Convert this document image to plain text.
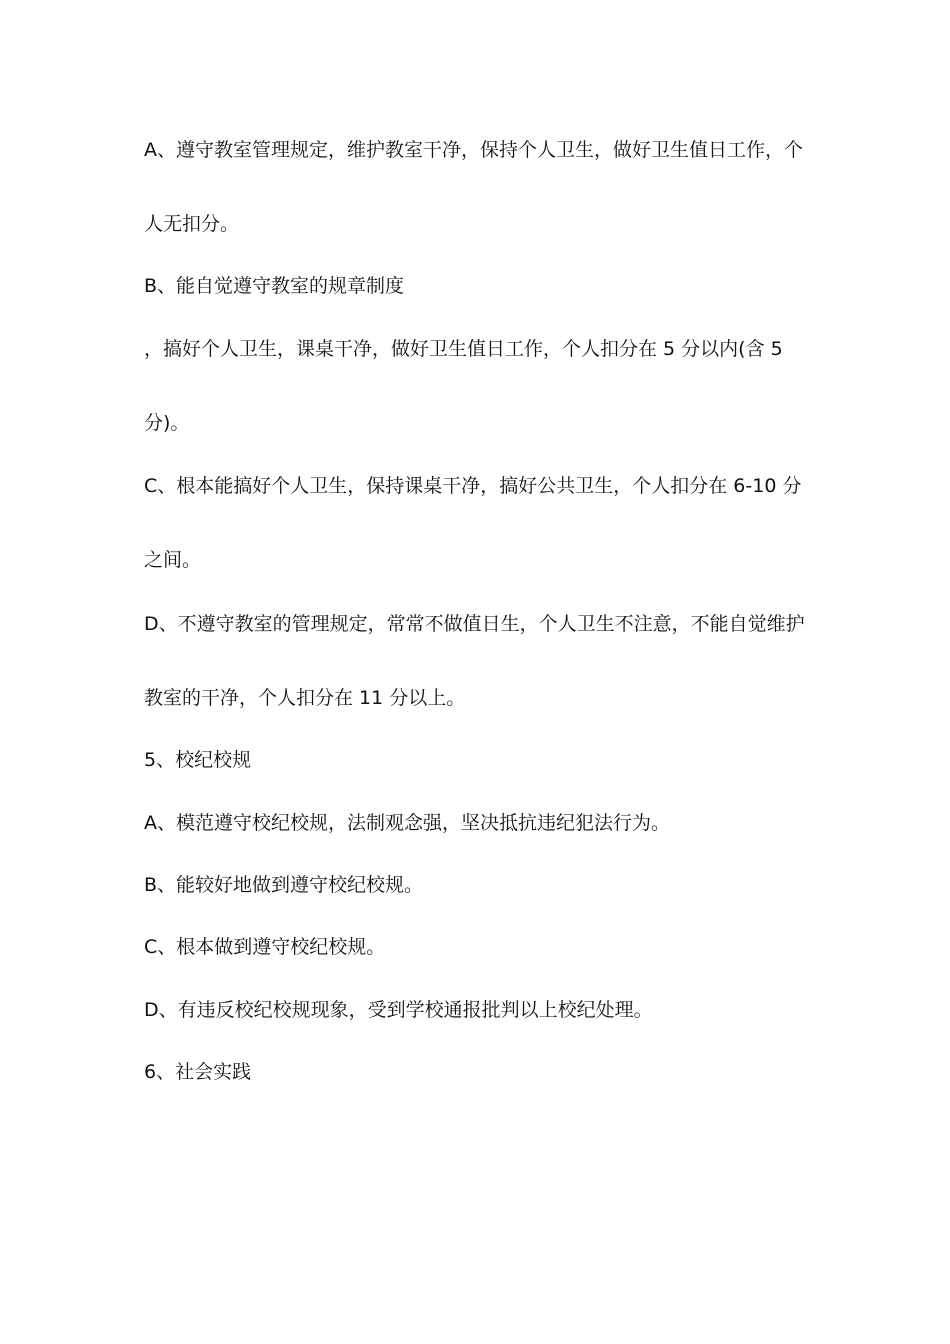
A、遵守教室管理规定，维护教室干净，保持个人卫生，做好卫生值日工作，个
人无扣分。
B、能自觉遵守教室的规章制度
，搞好个人卫生，课桌干净，做好卫生值日工作，个人扣分在 5 分以内(含 5
分)。
C、根本能搞好个人卫生，保持课桌干净，搞好公共卫生，个人扣分在 6-10 分
之间。
D、不遵守教室的管理规定，常常不做值日生，个人卫生不注意，不能自觉维护
教室的干净，个人扣分在 11 分以上。
5、校纪校规
A、模范遵守校纪校规，法制观念强，坚决抵抗违纪犯法行为。
B、能较好地做到遵守校纪校规。
C、根本做到遵守校纪校规。
D、有违反校纪校规现象，受到学校通报批判以上校纪处理。
6、社会实践
